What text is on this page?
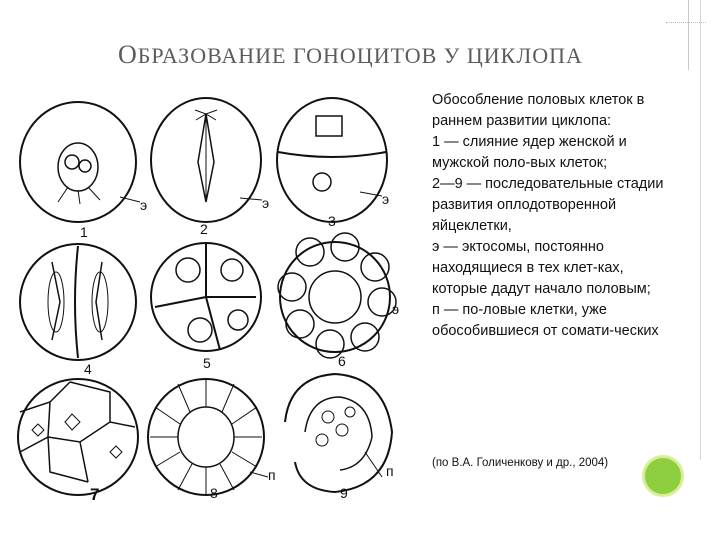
ОБРАЗОВАНИЕ ГОНОЦИТОВ У ЦИКЛОПА
1	2	3
4	5	6
7	8	9
э	э	э
э
п	п

Обособление половых клеток в раннем развитии циклопа:
1 — слияние ядер женской и мужской поло-вых клеток;
2—9 — последовательные стадии развития оплодотворенной яйцеклетки,
э — эктосомы, постоянно находящиеся в тех клет-ках, которые дадут начало половым;
п — по-ловые клетки, уже обособившиеся от сомати-ческих

(по В.А. Голиченкову и др., 2004)
